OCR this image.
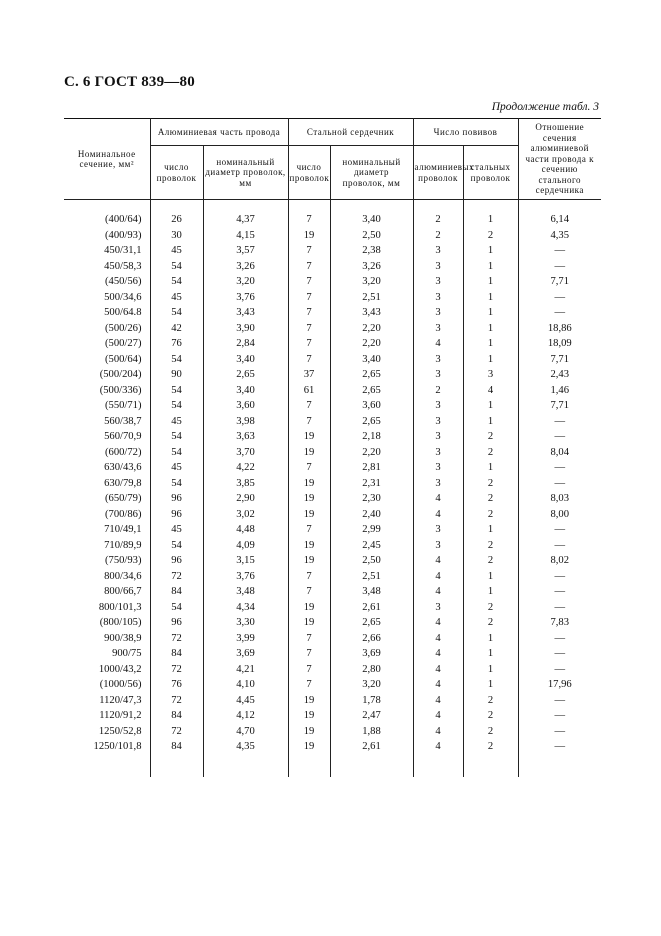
С. 6 ГОСТ 839—80
Продолжение табл. 3
Номинальное сечение, мм²	Алюминиевая часть провода		Стальной сердечник		Число повивов		Отношение сечения алюминиевой части провода к сечению стального сердечника
	число проволок	номинальный диаметр проволок, мм	число проволок	номинальный диаметр проволок, мм	алюминиевых проволок	стальных проволок	

(400/64)	26	4,37	7	3,40	2	1	6,14
(400/93)	30	4,15	19	2,50	2	2	4,35
450/31,1	45	3,57	7	2,38	3	1	—
450/58,3	54	3,26	7	3,26	3	1	—
(450/56)	54	3,20	7	3,20	3	1	7,71
500/34,6	45	3,76	7	2,51	3	1	—
500/64.8	54	3,43	7	3,43	3	1	—
(500/26)	42	3,90	7	2,20	3	1	18,86
(500/27)	76	2,84	7	2,20	4	1	18,09
(500/64)	54	3,40	7	3,40	3	1	7,71
(500/204)	90	2,65	37	2,65	3	3	2,43
(500/336)	54	3,40	61	2,65	2	4	1,46
(550/71)	54	3,60	7	3,60	3	1	7,71
560/38,7	45	3,98	7	2,65	3	1	—
560/70,9	54	3,63	19	2,18	3	2	—
(600/72)	54	3,70	19	2,20	3	2	8,04
630/43,6	45	4,22	7	2,81	3	1	—
630/79,8	54	3,85	19	2,31	3	2	—
(650/79)	96	2,90	19	2,30	4	2	8,03
(700/86)	96	3,02	19	2,40	4	2	8,00
710/49,1	45	4,48	7	2,99	3	1	—
710/89,9	54	4,09	19	2,45	3	2	—
(750/93)	96	3,15	19	2,50	4	2	8,02
800/34,6	72	3,76	7	2,51	4	1	—
800/66,7	84	3,48	7	3,48	4	1	—
800/101,3	54	4,34	19	2,61	3	2	—
(800/105)	96	3,30	19	2,65	4	2	7,83
900/38,9	72	3,99	7	2,66	4	1	—
900/75	84	3,69	7	3,69	4	1	—
1000/43,2	72	4,21	7	2,80	4	1	—
(1000/56)	76	4,10	7	3,20	4	1	17,96
1120/47,3	72	4,45	19	1,78	4	2	—
1120/91,2	84	4,12	19	2,47	4	2	—
1250/52,8	72	4,70	19	1,88	4	2	—
1250/101,8	84	4,35	19	2,61	4	2	—
